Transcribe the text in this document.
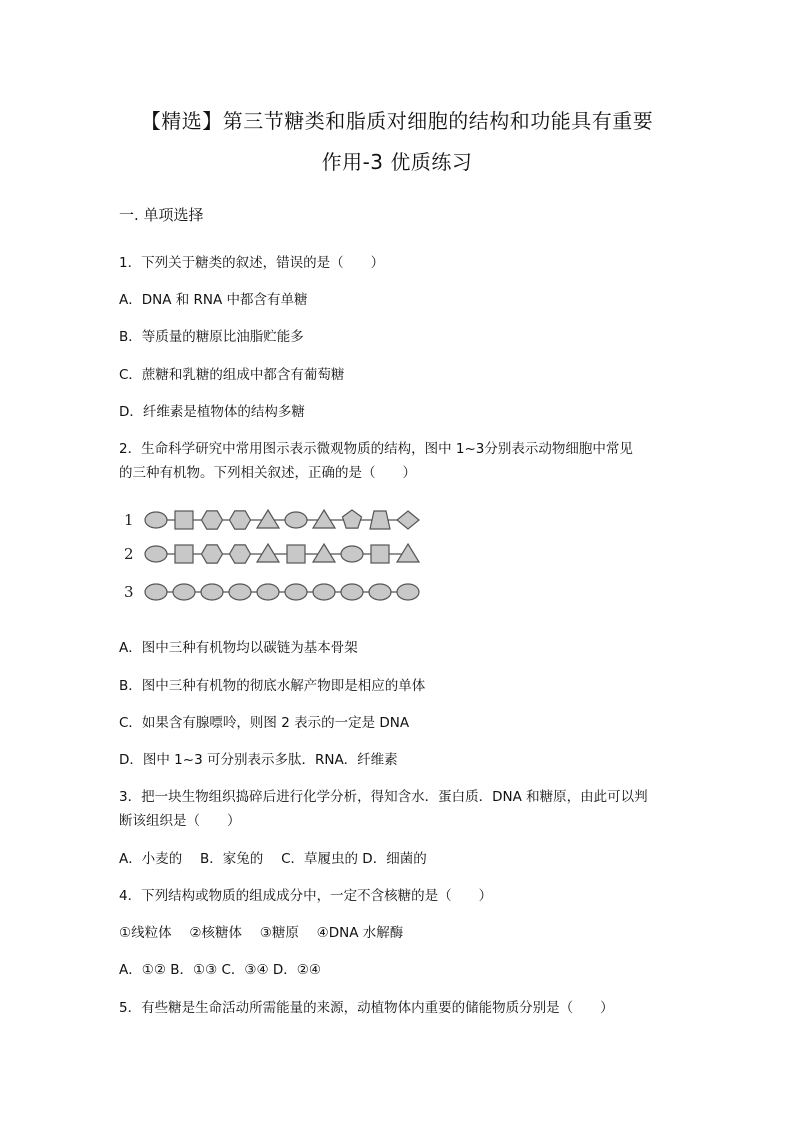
【精选】第三节糖类和脂质对细胞的结构和功能具有重要
作用-3 优质练习
一. 单项选择
1．下列关于糖类的叙述，错误的是（　　）
A．DNA 和 RNA 中都含有单糖
B．等质量的糖原比油脂贮能多
C．蔗糖和乳糖的组成中都含有葡萄糖
D．纤维素是植物体的结构多糖
2．生命科学研究中常用图示表示微观物质的结构，图中 1~3分别表示动物细胞中常见
的三种有机物。下列相关叙述，正确的是（　　）
1
2
3
A．图中三种有机物均以碳链为基本骨架
B．图中三种有机物的彻底水解产物即是相应的单体
C．如果含有腺嘌呤，则图 2 表示的一定是 DNA
D．图中 1~3 可分别表示多肽．RNA．纤维素
3．把一块生物组织捣碎后进行化学分析，得知含水．蛋白质．DNA 和糖原，由此可以判
断该组织是（　　）
A．小麦的　 B．家兔的　 C．草履虫的 D．细菌的
4．下列结构或物质的组成成分中，一定不含核糖的是（　　）
①线粒体　 ②核糖体　 ③糖原　 ④DNA 水解酶
A．①② B．①③ C．③④ D．②④
5．有些糖是生命活动所需能量的来源，动植物体内重要的储能物质分别是（　　）
